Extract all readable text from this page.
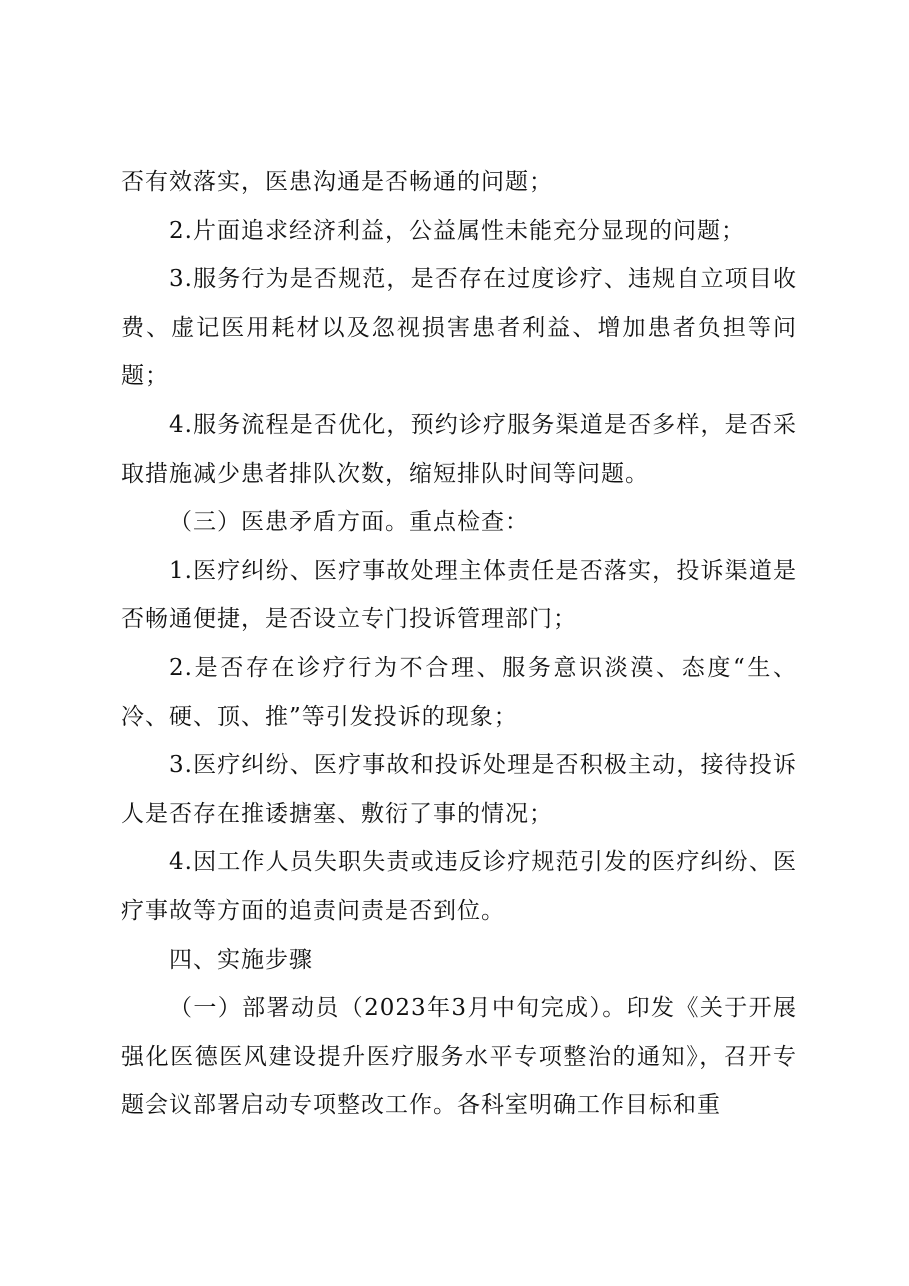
否有效落实，医患沟通是否畅通的问题；

2.片面追求经济利益，公益属性未能充分显现的问题；

3.服务行为是否规范，是否存在过度诊疗、违规自立项目收费、虚记医用耗材以及忽视损害患者利益、增加患者负担等问题；

4.服务流程是否优化，预约诊疗服务渠道是否多样，是否采取措施减少患者排队次数，缩短排队时间等问题。

（三）医患矛盾方面。重点检查：

1.医疗纠纷、医疗事故处理主体责任是否落实，投诉渠道是否畅通便捷，是否设立专门投诉管理部门；

2.是否存在诊疗行为不合理、服务意识淡漠、态度“生、冷、硬、顶、推”等引发投诉的现象；

3.医疗纠纷、医疗事故和投诉处理是否积极主动，接待投诉人是否存在推诿搪塞、敷衍了事的情况；

4.因工作人员失职失责或违反诊疗规范引发的医疗纠纷、医疗事故等方面的追责问责是否到位。

四、实施步骤

（一）部署动员（2023年3月中旬完成）。印发《关于开展强化医德医风建设提升医疗服务水平专项整治的通知》，召开专题会议部署启动专项整改工作。各科室明确工作目标和重
